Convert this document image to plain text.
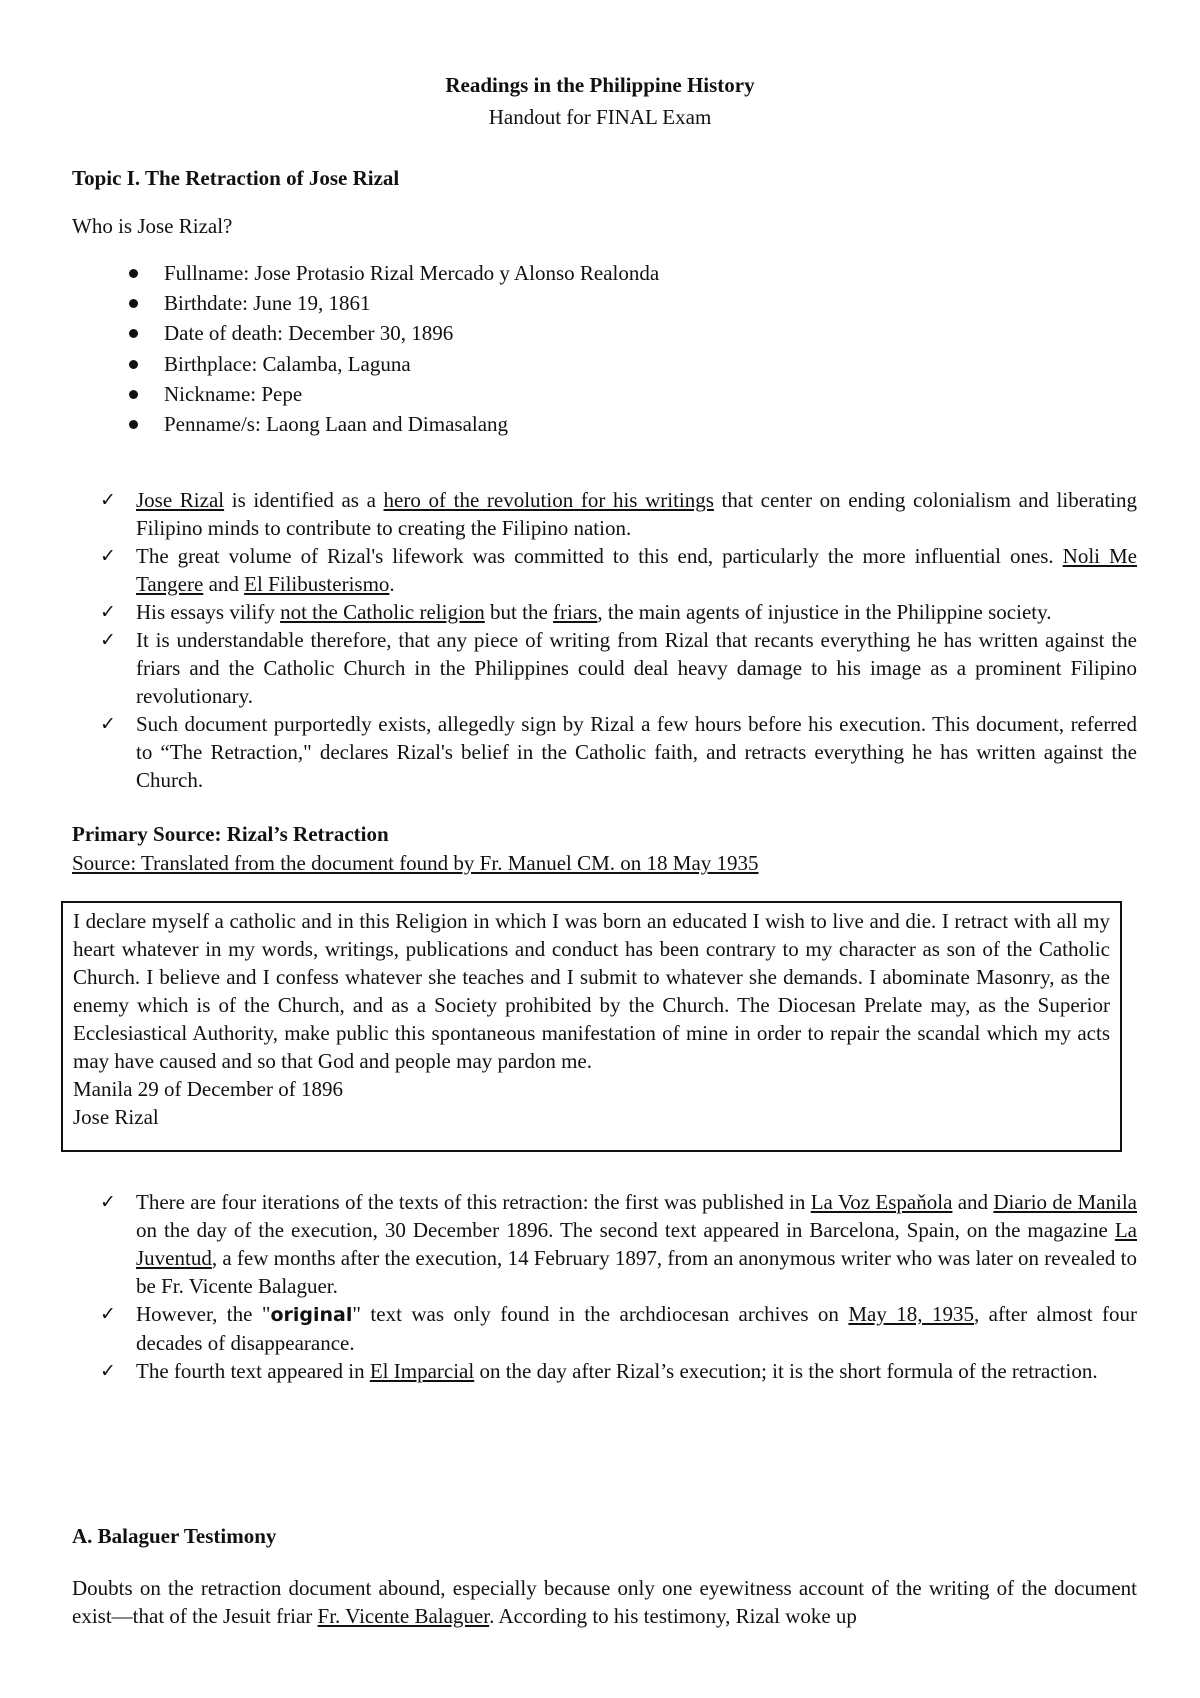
Readings in the Philippine History
Handout for FINAL Exam
Topic I. The Retraction of Jose Rizal
Who is Jose Rizal?
Fullname: Jose Protasio Rizal Mercado y Alonso Realonda
Birthdate: June 19, 1861
Date of death: December 30, 1896
Birthplace: Calamba, Laguna
Nickname: Pepe
Penname/s: Laong Laan and Dimasalang
✓ Jose Rizal is identified as a hero of the revolution for his writings that center on ending colonialism and liberating Filipino minds to contribute to creating the Filipino nation.
✓ The great volume of Rizal's lifework was committed to this end, particularly the more influential ones. Noli Me Tangere and El Filibusterismo.
✓ His essays vilify not the Catholic religion but the friars, the main agents of injustice in the Philippine society.
✓ It is understandable therefore, that any piece of writing from Rizal that recants everything he has written against the friars and the Catholic Church in the Philippines could deal heavy damage to his image as a prominent Filipino revolutionary.
✓ Such document purportedly exists, allegedly sign by Rizal a few hours before his execution. This document, referred to “The Retraction," declares Rizal's belief in the Catholic faith, and retracts everything he has written against the Church.
Primary Source: Rizal’s Retraction
Source: Translated from the document found by Fr. Manuel CM. on 18 May 1935

I declare myself a catholic and in this Religion in which I was born an educated I wish to live and die. I retract with all my heart whatever in my words, writings, publications and conduct has been contrary to my character as son of the Catholic Church. I believe and I confess whatever she teaches and I submit to whatever she demands. I abominate Masonry, as the enemy which is of the Church, and as a Society prohibited by the Church. The Diocesan Prelate may, as the Superior Ecclesiastical Authority, make public this spontaneous manifestation of mine in order to repair the scandal which my acts may have caused and so that God and people may pardon me.

Manila 29 of December of 1896
Jose Rizal
✓ There are four iterations of the texts of this retraction: the first was published in La Voz Espaňola and Diario de Manila on the day of the execution, 30 December 1896. The second text appeared in Barcelona, Spain, on the magazine La Juventud, a few months after the execution, 14 February 1897, from an anonymous writer who was later on revealed to be Fr. Vicente Balaguer.
✓ However, the "original" text was only found in the archdiocesan archives on May 18, 1935, after almost four decades of disappearance.
✓ The fourth text appeared in El Imparcial on the day after Rizal’s execution; it is the short formula of the retraction.
A. Balaguer Testimony

Doubts on the retraction document abound, especially because only one eyewitness account of the writing of the document exist—that of the Jesuit friar Fr. Vicente Balaguer. According to his testimony, Rizal woke up
